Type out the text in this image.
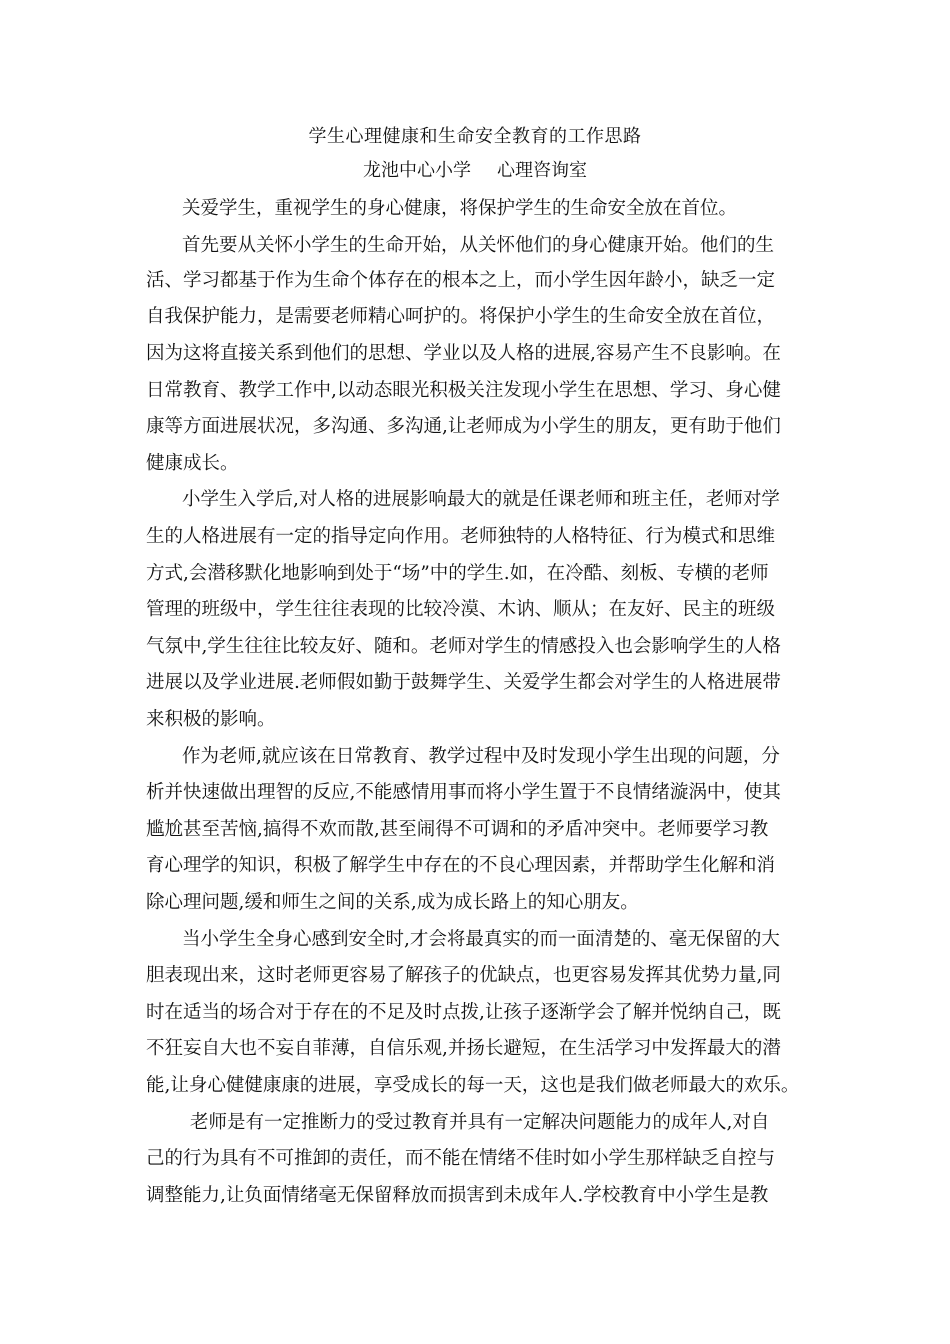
学生心理健康和生命安全教育的工作思路
龙池中心小学 心理咨询室
关爱学生，重视学生的身心健康，将保护学生的生命安全放在首位。
首先要从关怀小学生的生命开始，从关怀他们的身心健康开始。他们的生
活、学习都基于作为生命个体存在的根本之上，而小学生因年龄小，缺乏一定
自我保护能力，是需要老师精心呵护的。将保护小学生的生命安全放在首位，
因为这将直接关系到他们的思想、学业以及人格的进展,容易产生不良影响。在
日常教育、教学工作中,以动态眼光积极关注发现小学生在思想、学习、身心健
康等方面进展状况，多沟通、多沟通,让老师成为小学生的朋友，更有助于他们
健康成长。
小学生入学后,对人格的进展影响最大的就是任课老师和班主任，老师对学
生的人格进展有一定的指导定向作用。老师独特的人格特征、行为模式和思维
方式,会潜移默化地影响到处于“场”中的学生.如，在冷酷、刻板、专横的老师
管理的班级中，学生往往表现的比较冷漠、木讷、顺从；在友好、民主的班级
气氛中,学生往往比较友好、随和。老师对学生的情感投入也会影响学生的人格
进展以及学业进展.老师假如勤于鼓舞学生、关爱学生都会对学生的人格进展带
来积极的影响。
作为老师,就应该在日常教育、教学过程中及时发现小学生出现的问题，分
析并快速做出理智的反应,不能感情用事而将小学生置于不良情绪漩涡中，使其
尴尬甚至苦恼,搞得不欢而散,甚至闹得不可调和的矛盾冲突中。老师要学习教
育心理学的知识，积极了解学生中存在的不良心理因素，并帮助学生化解和消
除心理问题,缓和师生之间的关系,成为成长路上的知心朋友。
当小学生全身心感到安全时,才会将最真实的而一面清楚的、毫无保留的大
胆表现出来，这时老师更容易了解孩子的优缺点，也更容易发挥其优势力量,同
时在适当的场合对于存在的不足及时点拨,让孩子逐渐学会了解并悦纳自己，既
不狂妄自大也不妄自菲薄，自信乐观,并扬长避短，在生活学习中发挥最大的潜
能,让身心健健康康的进展，享受成长的每一天，这也是我们做老师最大的欢乐。
老师是有一定推断力的受过教育并具有一定解决问题能力的成年人,对自
己的行为具有不可推卸的责任，而不能在情绪不佳时如小学生那样缺乏自控与
调整能力,让负面情绪毫无保留释放而损害到未成年人.学校教育中小学生是教
